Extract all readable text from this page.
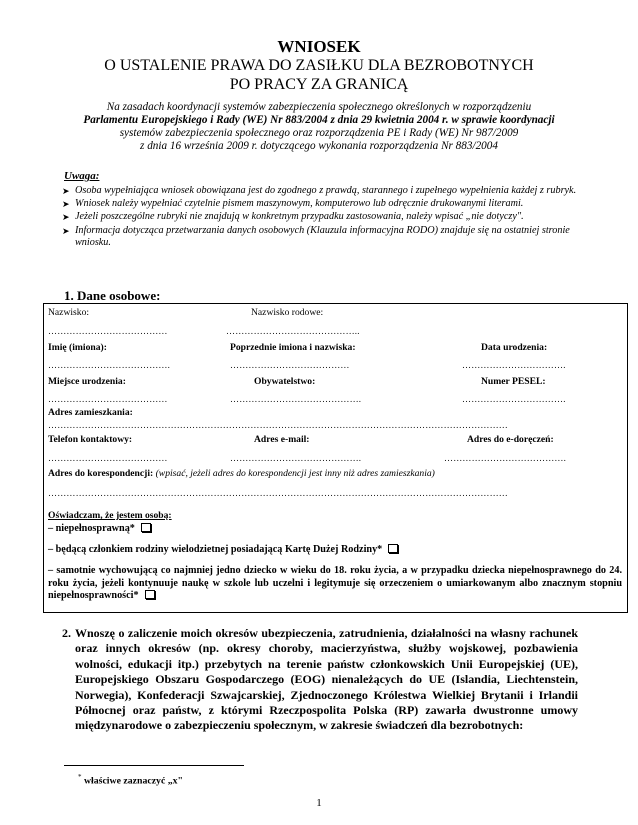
WNIOSEK
O USTALENIE PRAWA DO ZASIŁKU DLA BEZROBOTNYCH
PO PRACY ZA GRANICĄ
Na zasadach koordynacji systemów zabezpieczenia społecznego określonych w rozporządzeniu
Parlamentu Europejskiego i Rady (WE) Nr 883/2004 z dnia 29 kwietnia 2004 r. w sprawie koordynacji
systemów zabezpieczenia społecznego oraz rozporządzenia PE i Rady (WE) Nr 987/2009
z dnia 16 września 2009 r. dotyczącego wykonania rozporządzenia Nr 883/2004
Uwaga:
➤ Osoba wypełniająca wniosek obowiązana jest do zgodnego z prawdą, starannego i zupełnego wypełnienia każdej z rubryk.
➤ Wniosek należy wypełniać czytelnie pismem maszynowym, komputerowo lub odręcznie drukowanymi literami.
➤ Jeżeli poszczególne rubryki nie znajdują w konkretnym przypadku zastosowania, należy wpisać „nie dotyczy".
➤ Informacja dotycząca przetwarzania danych osobowych (Klauzula informacyjna RODO) znajduje się na ostatniej stronie wniosku.
1. Dane osobowe:
Nazwisko:	Nazwisko rodowe:
…………………………………	……………………………………..
Imię (imiona):	Poprzednie imiona i nazwiska:	Data urodzenia:
………………………………….	…………………………………	…………………………….
Miejsce urodzenia:	Obywatelstwo:	Numer PESEL:
…………………………………	…………………………………….	…………………………….
Adres zamieszkania:
……………………………………………………………………………………………………………………………………
Telefon kontaktowy:	Adres e-mail:	Adres do e-doręczeń:
…………………………………	…………………………………….	………………………………….
Adres do korespondencji: (wpisać, jeżeli adres do korespondencji jest inny niż adres zamieszkania)
……………………………………………………………………………………………………………………………………
Oświadczam, że jestem osobą:
– niepełnosprawną*
– będącą członkiem rodziny wielodzietnej posiadającą Kartę Dużej Rodziny*
– samotnie wychowującą co najmniej jedno dziecko w wieku do 18. roku życia, a w przypadku dziecka niepełnosprawnego do 24. roku życia, jeżeli kontynuuje naukę w szkole lub uczelni i legitymuje się orzeczeniem o umiarkowanym albo znacznym stopniu niepełnosprawności*
2. Wnoszę o zaliczenie moich okresów ubezpieczenia, zatrudnienia, działalności na własny rachunek oraz innych okresów (np. okresy choroby, macierzyństwa, służby wojskowej, pozbawienia wolności, edukacji itp.) przebytych na terenie państw członkowskich Unii Europejskiej (UE), Europejskiego Obszaru Gospodarczego (EOG) nienależących do UE (Islandia, Liechtenstein, Norwegia), Konfederacji Szwajcarskiej, Zjednoczonego Królestwa Wielkiej Brytanii i Irlandii Północnej oraz państw, z którymi Rzeczpospolita Polska (RP) zawarła dwustronne umowy międzynarodowe o zabezpieczeniu społecznym, w zakresie świadczeń dla bezrobotnych:
* właściwe zaznaczyć „x"
1
